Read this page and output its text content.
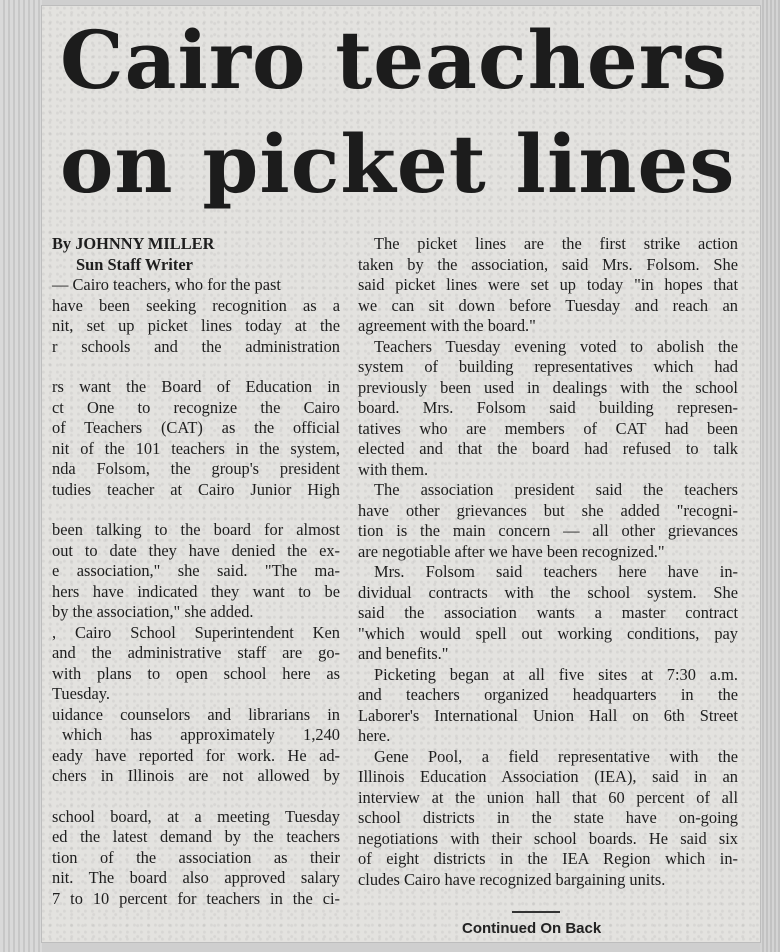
Cairo teachers
on picket lines

By JOHNNY MILLER

Sun Staff Writer

— Cairo teachers, who for the past

have been seeking recognition as a

nit, set up picket lines today at the

r schools and the administration

rs want the Board of Education in

ct One to recognize the Cairo

of Teachers (CAT) as the official

nit of the 101 teachers in the system,

nda Folsom, the group's president

tudies teacher at Cairo Junior High

been talking to the board for almost

out to date they have denied the ex-

e association," she said. "The ma-

hers have indicated they want to be

by the association," she added.

, Cairo School Superintendent Ken

and the administrative staff are go-

with plans to open school here as

Tuesday.

uidance counselors and librarians in

which has approximately 1,240

eady have reported for work. He ad-

chers in Illinois are not allowed by

school board, at a meeting Tuesday

ed the latest demand by the teachers

tion of the association as their

nit. The board also approved salary

7 to 10 percent for teachers in the ci-

The picket lines are the first strike action

taken by the association, said Mrs. Folsom. She

said picket lines were set up today "in hopes that

we can sit down before Tuesday and reach an

agreement with the board."

Teachers Tuesday evening voted to abolish the

system of building representatives which had

previously been used in dealings with the school

board. Mrs. Folsom said building represen-

tatives who are members of CAT had been

elected and that the board had refused to talk

with them.

The association president said the teachers

have other grievances but she added "recogni-

tion is the main concern — all other grievances

are negotiable after we have been recognized."

Mrs. Folsom said teachers here have in-

dividual contracts with the school system. She

said the association wants a master contract

"which would spell out working conditions, pay

and benefits."

Picketing began at all five sites at 7:30 a.m.

and teachers organized headquarters in the

Laborer's International Union Hall on 6th Street

here.

Gene Pool, a field representative with the

Illinois Education Association (IEA), said in an

interview at the union hall that 60 percent of all

school districts in the state have on-going

negotiations with their school boards. He said six

of eight districts in the IEA Region which in-

cludes Cairo have recognized bargaining units.

Continued On Back
